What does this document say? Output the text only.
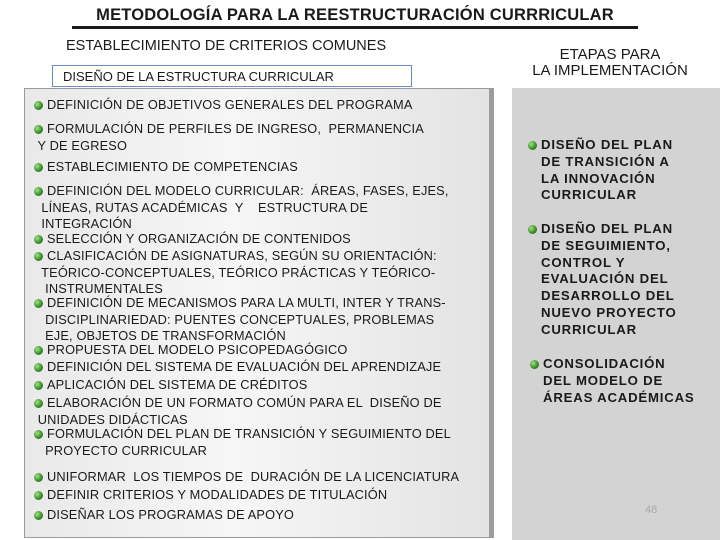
METODOLOGÍA PARA LA REESTRUCTURACIÓN CURRRICULAR
ESTABLECIMIENTO DE CRITERIOS COMUNES
DISEÑO DE LA ESTRUCTURA CURRICULAR
DEFINICIÓN DE OBJETIVOS GENERALES DEL PROGRAMA
FORMULACIÓN DE PERFILES DE INGRESO,  PERMANENCIA
Y DE EGRESO
ESTABLECIMIENTO DE COMPETENCIAS
DEFINICIÓN DEL MODELO CURRICULAR:  ÁREAS, FASES, EJES,
LÍNEAS, RUTAS ACADÉMICAS  Y    ESTRUCTURA DE
INTEGRACIÓN
SELECCIÓN Y ORGANIZACIÓN DE CONTENIDOS
CLASIFICACIÓN DE ASIGNATURAS, SEGÚN SU ORIENTACIÓN:
TEÓRICO-CONCEPTUALES, TEÓRICO PRÁCTICAS Y TEÓRICO-
INSTRUMENTALES
DEFINICIÓN DE MECANISMOS PARA LA MULTI, INTER Y TRANS-
DISCIPLINARIEDAD: PUENTES CONCEPTUALES, PROBLEMAS
EJE, OBJETOS DE TRANSFORMACIÓN
PROPUESTA DEL MODELO PSICOPEDAGÓGICO
DEFINICIÓN DEL SISTEMA DE EVALUACIÓN DEL APRENDIZAJE
APLICACIÓN DEL SISTEMA DE CRÉDITOS
ELABORACIÓN DE UN FORMATO COMÚN PARA EL  DISEÑO DE
UNIDADES DIDÁCTICAS
FORMULACIÓN DEL PLAN DE TRANSICIÓN Y SEGUIMIENTO DEL
PROYECTO CURRICULAR
UNIFORMAR  LOS TIEMPOS DE  DURACIÓN DE LA LICENCIATURA
DEFINIR CRITERIOS Y MODALIDADES DE TITULACIÓN
DISEÑAR LOS PROGRAMAS DE APOYO
ETAPAS PARA
LA IMPLEMENTACIÓN
DISEÑO DEL PLAN
DE TRANSICIÓN A
LA INNOVACIÓN
CURRICULAR
DISEÑO DEL PLAN
DE SEGUIMIENTO,
CONTROL Y
EVALUACIÓN DEL
DESARROLLO DEL
NUEVO PROYECTO
CURRICULAR
CONSOLIDACIÓN
DEL MODELO DE
ÁREAS ACADÉMICAS
48
